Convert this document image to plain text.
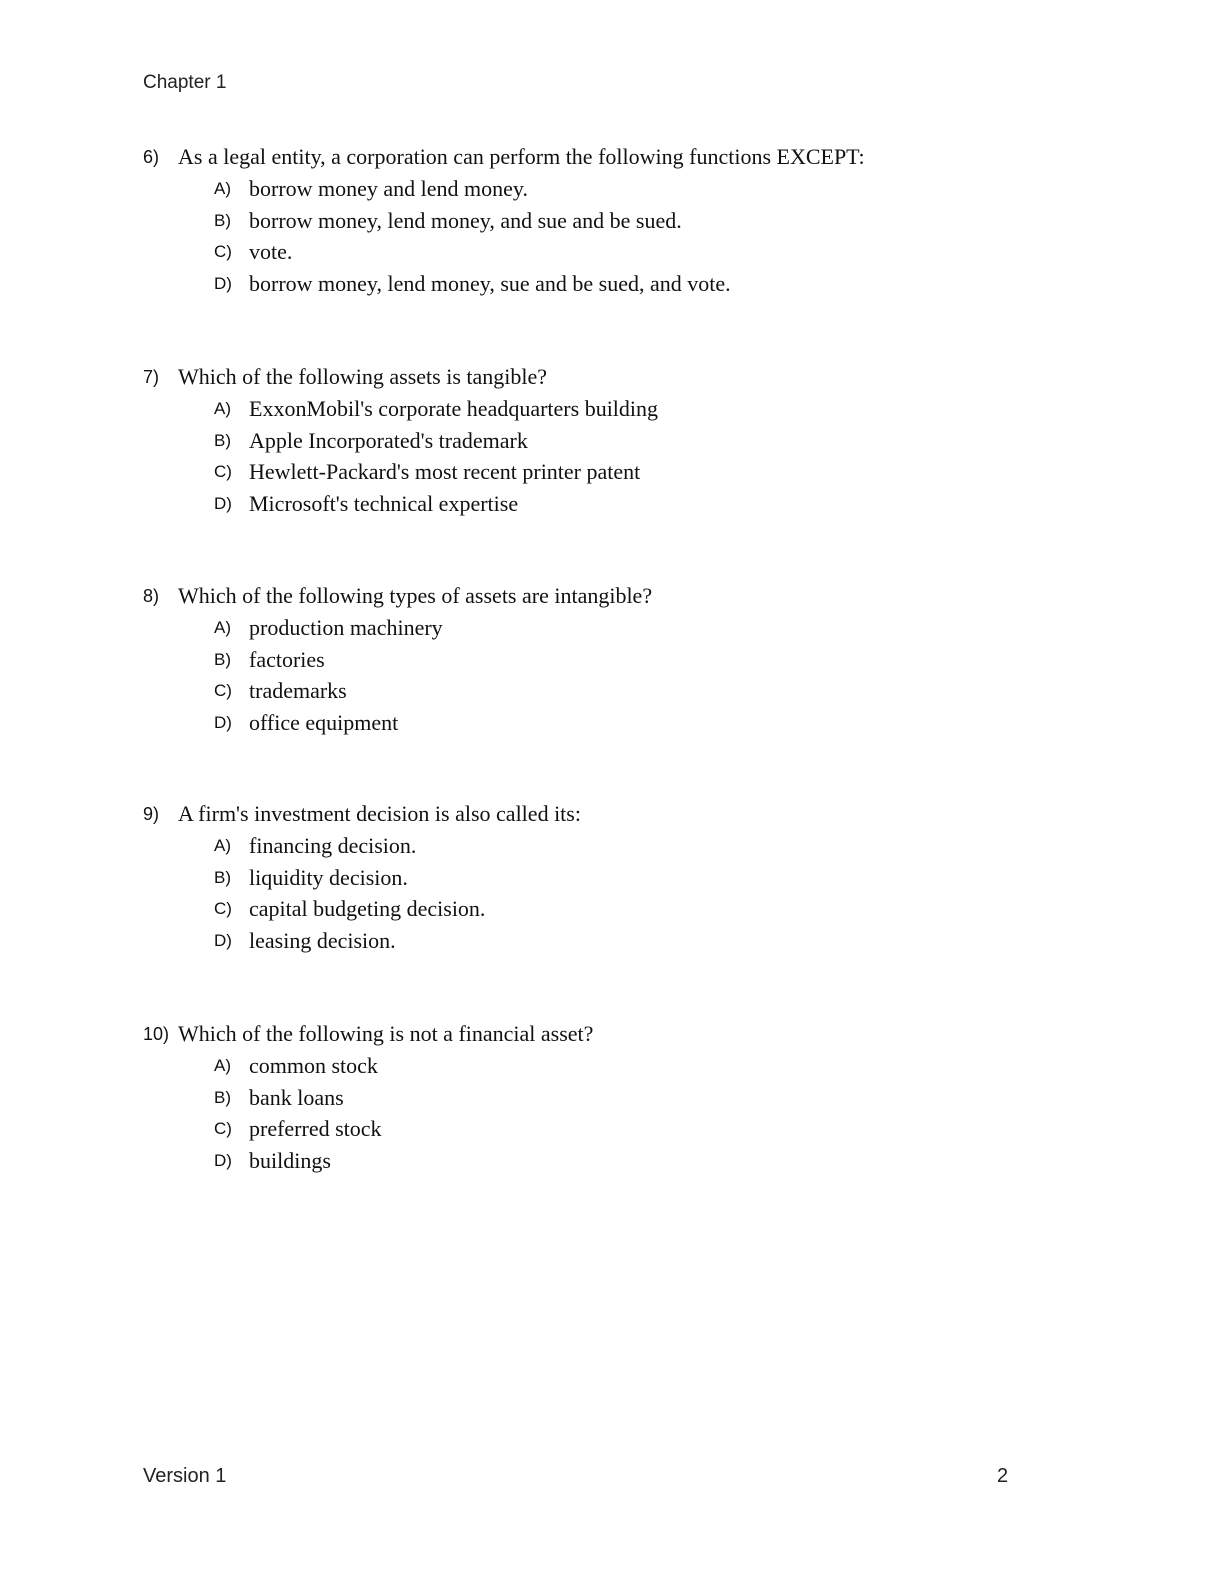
Chapter 1
6) As a legal entity, a corporation can perform the following functions EXCEPT:
A) borrow money and lend money.
B) borrow money, lend money, and sue and be sued.
C) vote.
D) borrow money, lend money, sue and be sued, and vote.
7) Which of the following assets is tangible?
A) ExxonMobil's corporate headquarters building
B) Apple Incorporated's trademark
C) Hewlett-Packard's most recent printer patent
D) Microsoft's technical expertise
8) Which of the following types of assets are intangible?
A) production machinery
B) factories
C) trademarks
D) office equipment
9) A firm's investment decision is also called its:
A) financing decision.
B) liquidity decision.
C) capital budgeting decision.
D) leasing decision.
10) Which of the following is not a financial asset?
A) common stock
B) bank loans
C) preferred stock
D) buildings
Version 1	2
